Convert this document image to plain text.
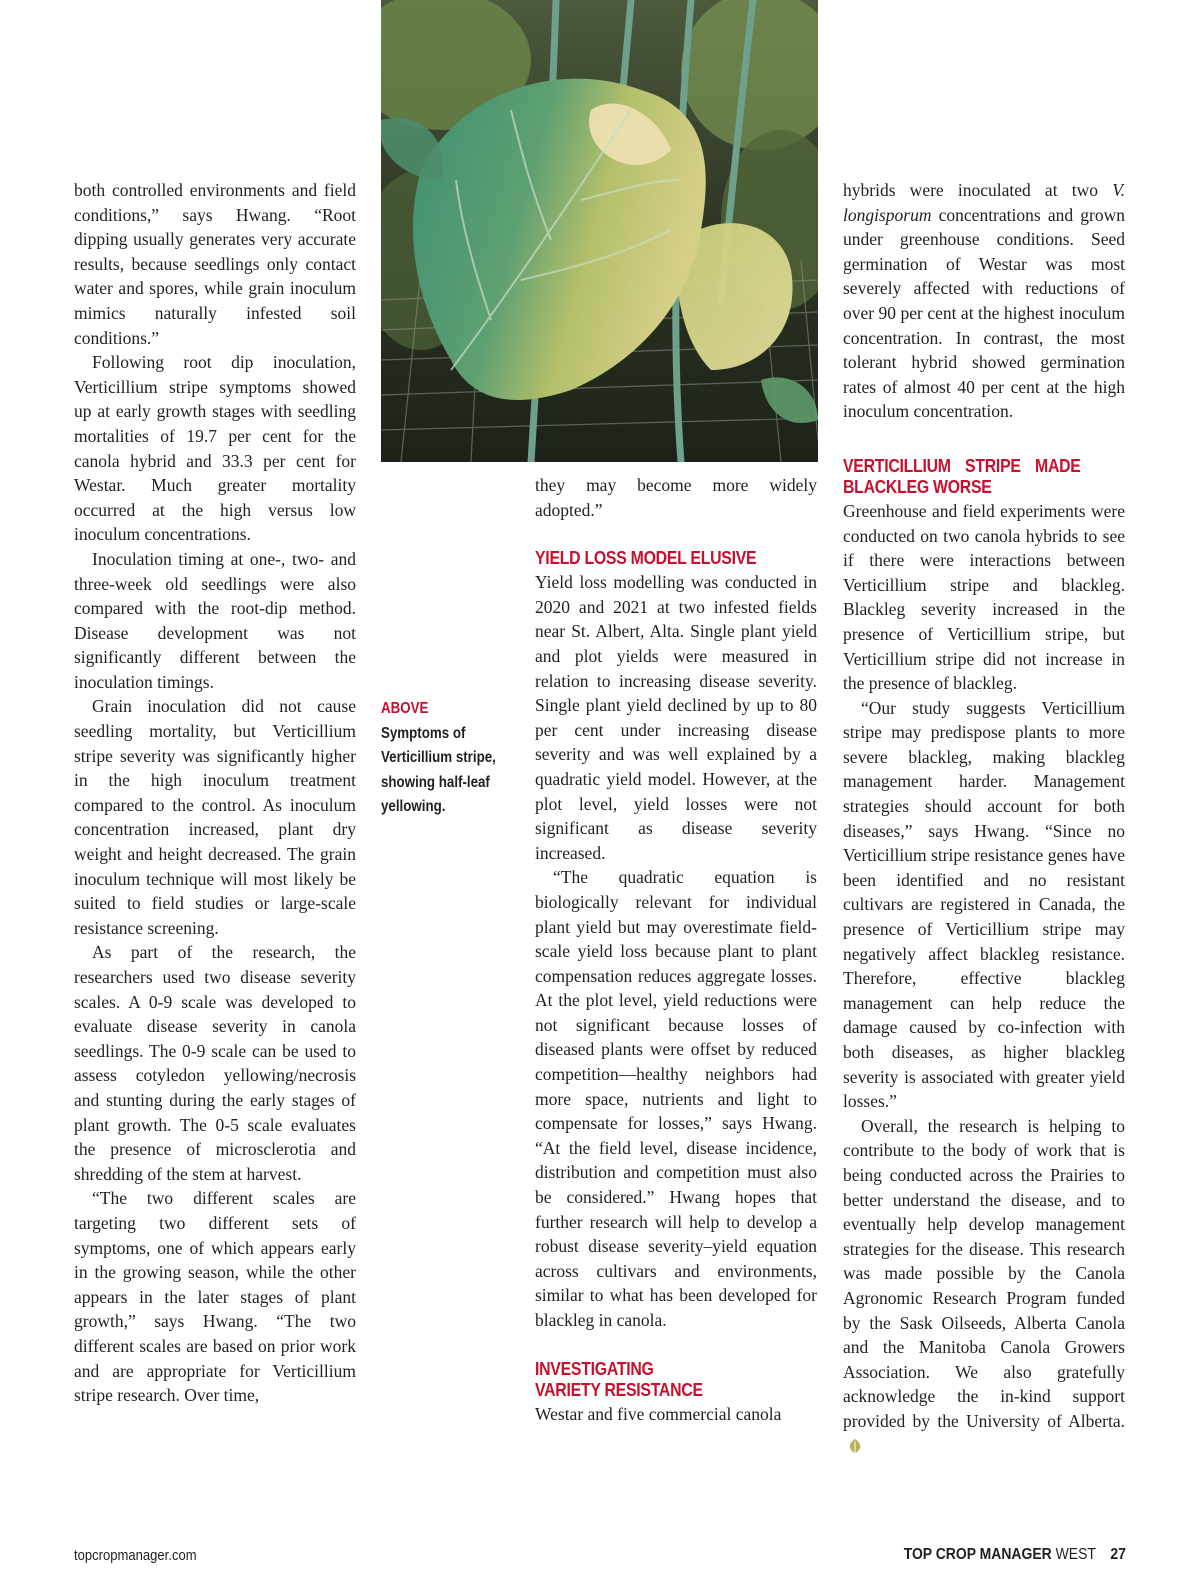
ABOVE Symptoms of Verticillium stripe, showing half-leaf yellowing.

both controlled environments and field conditions,” says Hwang. “Root dipping usually generates very accurate results, because seedlings only contact water and spores, while grain inoculum mimics naturally infested soil conditions.”

Following root dip inoculation, Verticillium stripe symptoms showed up at early growth stages with seedling mortalities of 19.7 per cent for the canola hybrid and 33.3 per cent for Westar. Much greater mortality occurred at the high versus low inoculum concentrations.

Inoculation timing at one-, two- and three-week old seedlings were also compared with the root-dip method. Disease development was not significantly different between the inoculation timings.

Grain inoculation did not cause seedling mortality, but Verticillium stripe severity was significantly higher in the high inoculum treatment compared to the control. As inoculum concentration increased, plant dry weight and height decreased. The grain inoculum technique will most likely be suited to field studies or large-scale resistance screening.

As part of the research, the researchers used two disease severity scales. A 0-9 scale was developed to evaluate disease severity in canola seedlings. The 0-9 scale can be used to assess cotyledon yellowing/necrosis and stunting during the early stages of plant growth. The 0-5 scale evaluates the presence of microsclerotia and shredding of the stem at harvest.

“The two different scales are targeting two different sets of symptoms, one of which appears early in the growing season, while the other appears in the later stages of plant growth,” says Hwang. “The two different scales are based on prior work and are appropriate for Verticillium stripe research. Over time,

they may become more widely adopted.”

YIELD LOSS MODEL ELUSIVE

Yield loss modelling was conducted in 2020 and 2021 at two infested fields near St. Albert, Alta. Single plant yield and plot yields were measured in relation to increasing disease severity. Single plant yield declined by up to 80 per cent under increasing disease severity and was well explained by a quadratic yield model. However, at the plot level, yield losses were not significant as disease severity increased.

“The quadratic equation is biologically relevant for individual plant yield but may overestimate field-scale yield loss because plant to plant compensation reduces aggregate losses. At the plot level, yield reductions were not significant because losses of diseased plants were offset by reduced competition—healthy neighbors had more space, nutrients and light to compensate for losses,” says Hwang. “At the field level, disease incidence, distribution and competition must also be considered.” Hwang hopes that further research will help to develop a robust disease severity–yield equation across cultivars and environments, similar to what has been developed for blackleg in canola.

INVESTIGATING VARIETY RESISTANCE

Westar and five commercial canola

hybrids were inoculated at two V. longisporum concentrations and grown under greenhouse conditions. Seed germination of Westar was most severely affected with reductions of over 90 per cent at the highest inoculum concentration. In contrast, the most tolerant hybrid showed germination rates of almost 40 per cent at the high inoculum concentration.

VERTICILLIUM STRIPE MADE BLACKLEG WORSE

Greenhouse and field experiments were conducted on two canola hybrids to see if there were interactions between Verticillium stripe and blackleg. Blackleg severity increased in the presence of Verticillium stripe, but Verticillium stripe did not increase in the presence of blackleg.

“Our study suggests Verticillium stripe may predispose plants to more severe blackleg, making blackleg management harder. Management strategies should account for both diseases,” says Hwang. “Since no Verticillium stripe resistance genes have been identified and no resistant cultivars are registered in Canada, the presence of Verticillium stripe may negatively affect blackleg resistance. Therefore, effective blackleg management can help reduce the damage caused by co-infection with both diseases, as higher blackleg severity is associated with greater yield losses.”

Overall, the research is helping to contribute to the body of work that is being conducted across the Prairies to better understand the disease, and to eventually help develop management strategies for the disease. This research was made possible by the Canola Agronomic Research Program funded by the Sask Oilseeds, Alberta Canola and the Manitoba Canola Growers Association. We also gratefully acknowledge the in-kind support provided by the University of Alberta.

topcropmanager.com	TOP CROP MANAGER WEST 27
